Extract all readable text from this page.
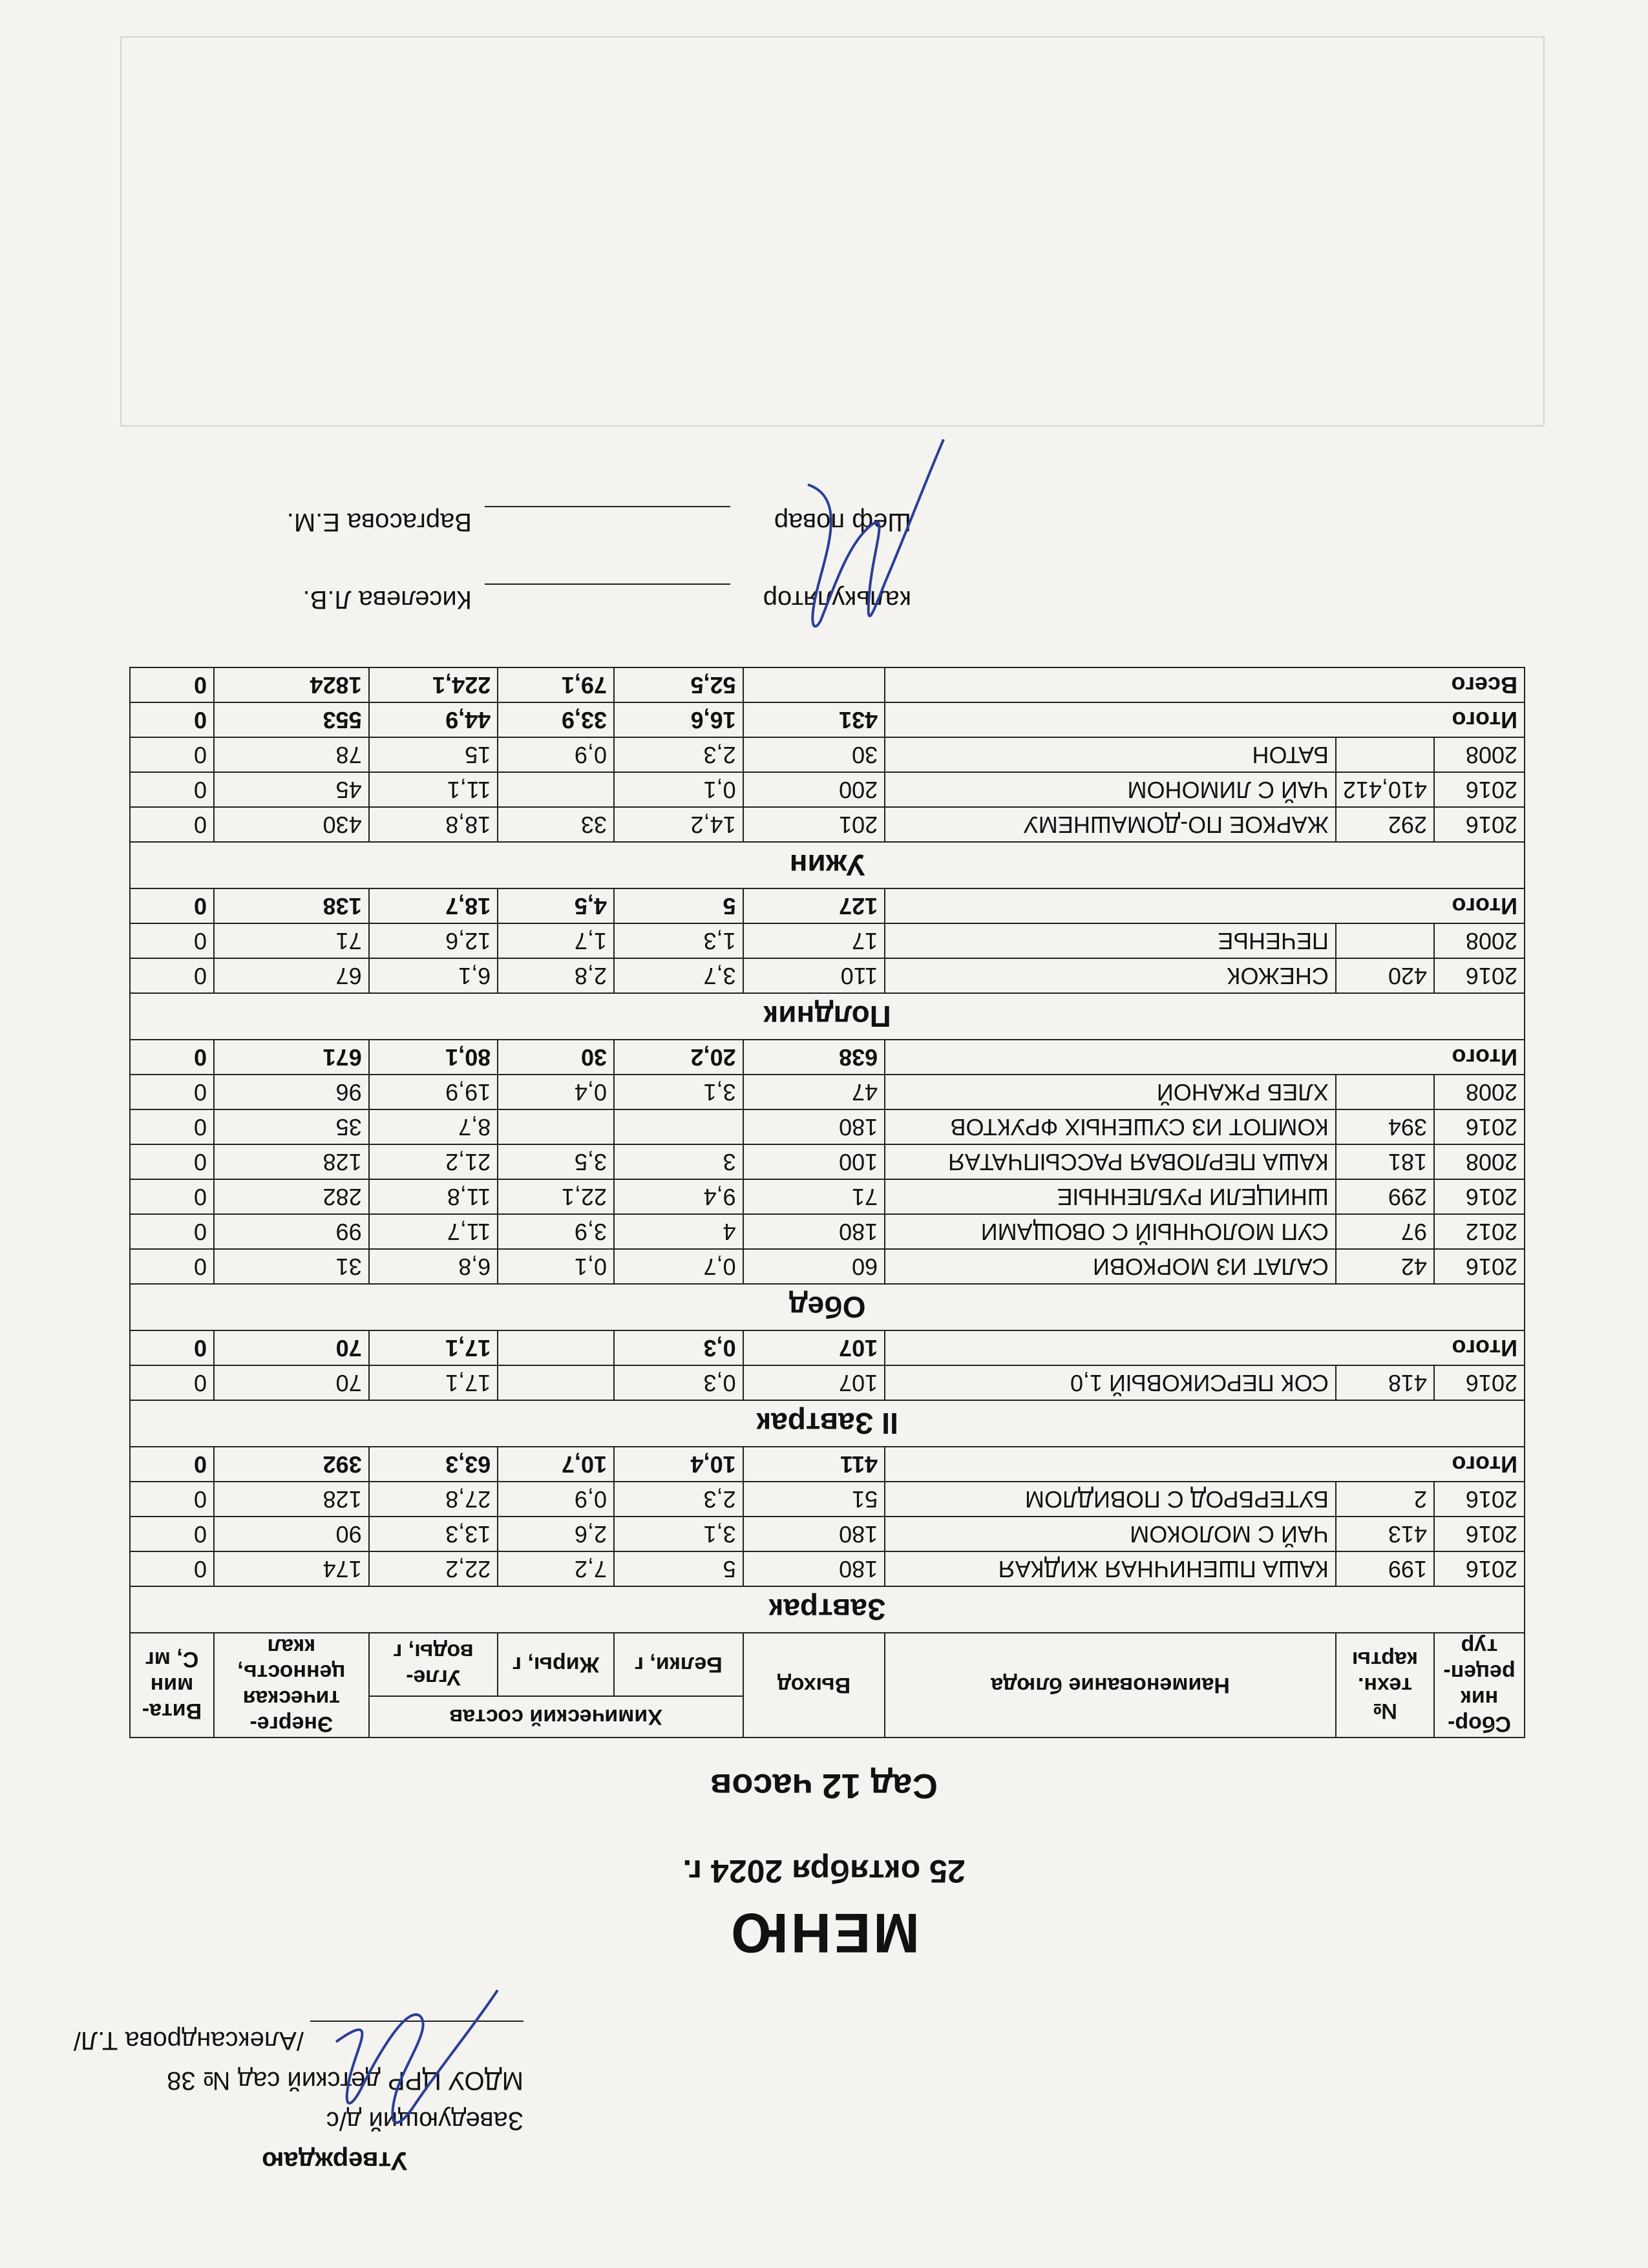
Утверждаю
Заведующий д/с
МДОУ ЦРР детский сад № 38
/Александрова Т.Л/
МЕНЮ
25 октября 2024 г.
Сад 12 часов
Сбор-ник рецеп-тур	№ техн. карты	Наименование блюда	Выход	Химический состав			Энерге-тическая ценность, ккал	Вита-мин С, мг
				Белки, г	Жиры, г	Угле-воды, г		
Завтрак								
2016	199	КАША ПШЕНИЧНАЯ ЖИДКАЯ	180	5	7,2	22,2	174	0
2016	413	ЧАЙ С МОЛОКОМ	180	3,1	2,6	13,3	90	0
2016	2	БУТЕРБРОД С ПОВИДЛОМ	51	2,3	0,9	27,8	128	0
Итого			411	10,4	10,7	63,3	392	0
II Завтрак								
2016	418	СОК ПЕРСИКОВЫЙ 1,0	107	0,3		17,1	70	0
Итого			107	0,3		17,1	70	0
Обед								
2016	42	САЛАТ ИЗ МОРКОВИ	60	0,7	0,1	6,8	31	0
2012	97	СУП МОЛОЧНЫЙ С ОВОЩАМИ	180	4	3,9	11,7	99	0
2016	299	ШНИЦЕЛИ РУБЛЕННЫЕ	71	9,4	22,1	11,8	282	0
2008	181	КАША ПЕРЛОВАЯ РАССЫПЧАТАЯ	100	3	3,5	21,2	128	0
2016	394	КОМПОТ ИЗ СУШЕНЫХ ФРУКТОВ	180			8,7	35	0
2008		ХЛЕБ РЖАНОЙ	47	3,1	0,4	19,9	96	0
Итого			638	20,2	30	80,1	671	0
Полдник								
2016	420	СНЕЖОК	110	3,7	2,8	6,1	67	0
2008		ПЕЧЕНЬЕ	17	1,3	1,7	12,6	71	0
Итого			127	5	4,5	18,7	138	0
Ужин								
2016	292	ЖАРКОЕ ПО-ДОМАШНЕМУ	201	14,2	33	18,8	430	0
2016	410,412	ЧАЙ С ЛИМОНОМ	200	0,1		11,1	45	0
2008		БАТОН	30	2,3	0,9	15	78	0
Итого			431	16,6	33,9	44,9	553	0
Всего				52,5	79,1	224,1	1824	0
калькулятор Киселева Л.В.
Шеф повар Варгасова Е.М.
